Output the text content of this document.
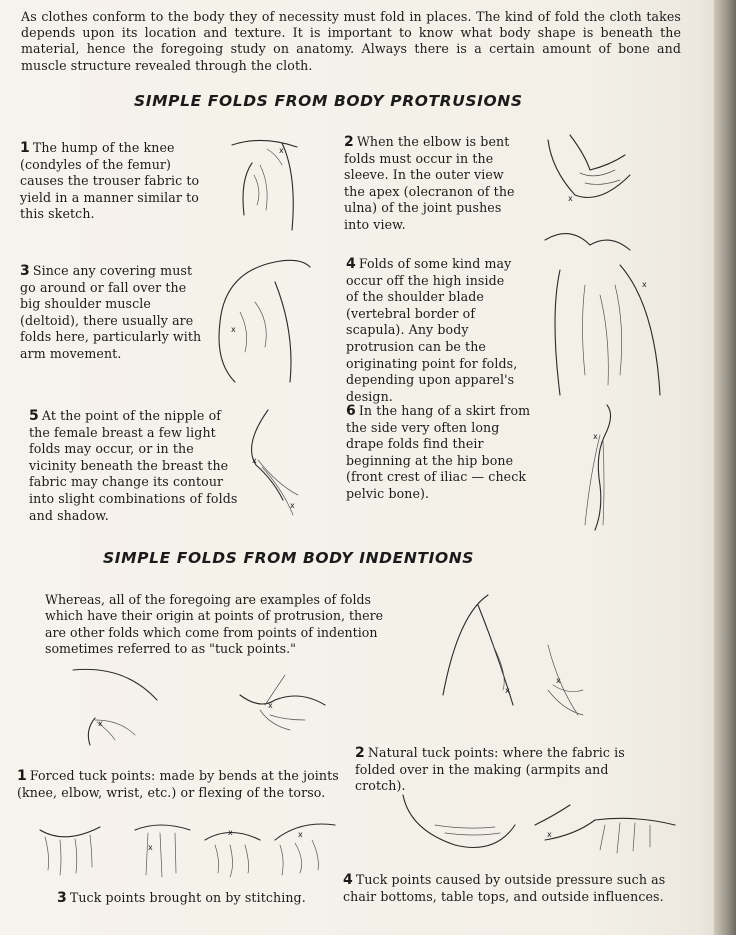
As clothes conform to the body they of necessity must fold in places. The kind of fold the cloth takes depends upon its location and texture. It is important to know what body shape is beneath the material, hence the foregoing study on anatomy. Always there is a certain amount of bone and muscle structure revealed through the cloth.

SIMPLE FOLDS FROM BODY PROTRUSIONS
1 The hump of the knee (condyles of the femur) causes the trouser fabric to yield in a manner similar to this sketch.
2 When the elbow is bent folds must occur in the sleeve. In the outer view the apex (olecranon of the ulna) of the joint pushes into view.
3 Since any covering must go around or fall over the big shoulder muscle (deltoid), there usually are folds here, particularly with arm movement.
4 Folds of some kind may occur off the high inside of the shoulder blade (vertebral border of scapula). Any body protrusion can be the originating point for folds, depending upon apparel's design.
5 At the point of the nipple of the female breast a few light folds may occur, or in the vicinity beneath the breast the fabric may change its contour into slight combinations of folds and shadow.
6 In the hang of a skirt from the side very often long drape folds find their beginning at the hip bone (front crest of iliac — check pelvic bone).
x
x
x
x
x
x
x
SIMPLE FOLDS FROM BODY INDENTIONS

Whereas, all of the foregoing are examples of folds which have their origin at points of protrusion, there are other folds which come from points of indention sometimes referred to as "tuck points."

x
x
x
x
2 Natural tuck points: where the fabric is folded over in the making (armpits and crotch).
1 Forced tuck points: made by bends at the joints (knee, elbow, wrist, etc.) or flexing of the torso.
x
x	x	x
3 Tuck points brought on by stitching.
4 Tuck points caused by outside pressure such as chair bottoms, table tops, and outside influences.
